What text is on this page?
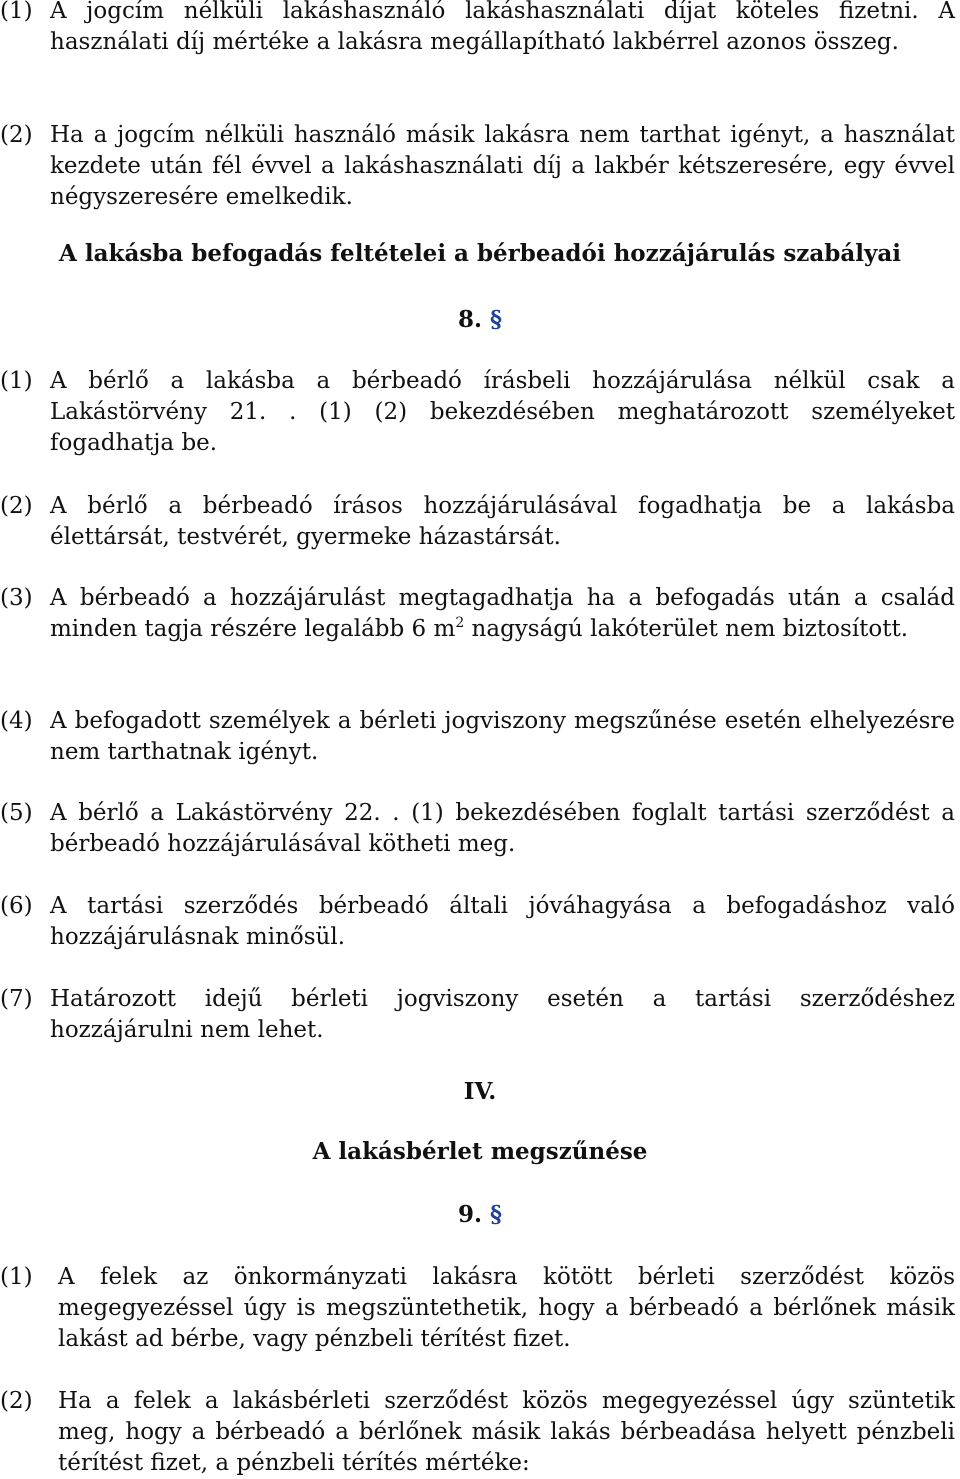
(1) A jogcím nélküli lakáshasználó lakáshasználati díjat köteles fizetni. A használati díj mértéke a lakásra megállapítható lakbérrel azonos összeg.
(2) Ha a jogcím nélküli használó másik lakásra nem tarthat igényt, a használat kezdete után fél évvel a lakáshasználati díj a lakbér kétszeresére, egy évvel négyszeresére emelkedik.
A lakásba befogadás feltételei a bérbeadói hozzájárulás szabályai
8. §
(1) A bérlő a lakásba a bérbeadó írásbeli hozzájárulása nélkül csak a Lakástörvény 21. . (1) (2) bekezdésében meghatározott személyeket fogadhatja be.
(2) A bérlő a bérbeadó írásos hozzájárulásával fogadhatja be a lakásba élettársát, testvérét, gyermeke házastársát.
(3) A bérbeadó a hozzájárulást megtagadhatja ha a befogadás után a család minden tagja részére legalább 6 $m^2$ nagyságú lakóterület nem biztosított.
(4) A befogadott személyek a bérleti jogviszony megszűnése esetén elhelyezésre nem tarthatnak igényt.
(5) A bérlő a Lakástörvény 22. . (1) bekezdésében foglalt tartási szerződést a bérbeadó hozzájárulásával kötheti meg.
(6) A tartási szerződés bérbeadó általi jóváhagyása a befogadáshoz való hozzájárulásnak minősül.
(7) Határozott idejű bérleti jogviszony esetén a tartási szerződéshez hozzájárulni nem lehet.
IV.
A lakásbérlet megszűnése
9. §
(1)	A felek az önkormányzati lakásra kötött bérleti szerződést közös megegyezéssel úgy is megszüntethetik, hogy a bérbeadó a bérlőnek másik lakást ad bérbe, vagy pénzbeli térítést fizet.
(2)	Ha a felek a lakásbérleti szerződést közös megegyezéssel úgy szüntetik meg, hogy a bérbeadó a bérlőnek másik lakás bérbeadása helyett pénzbeli térítést fizet, a pénzbeli térítés mértéke:
